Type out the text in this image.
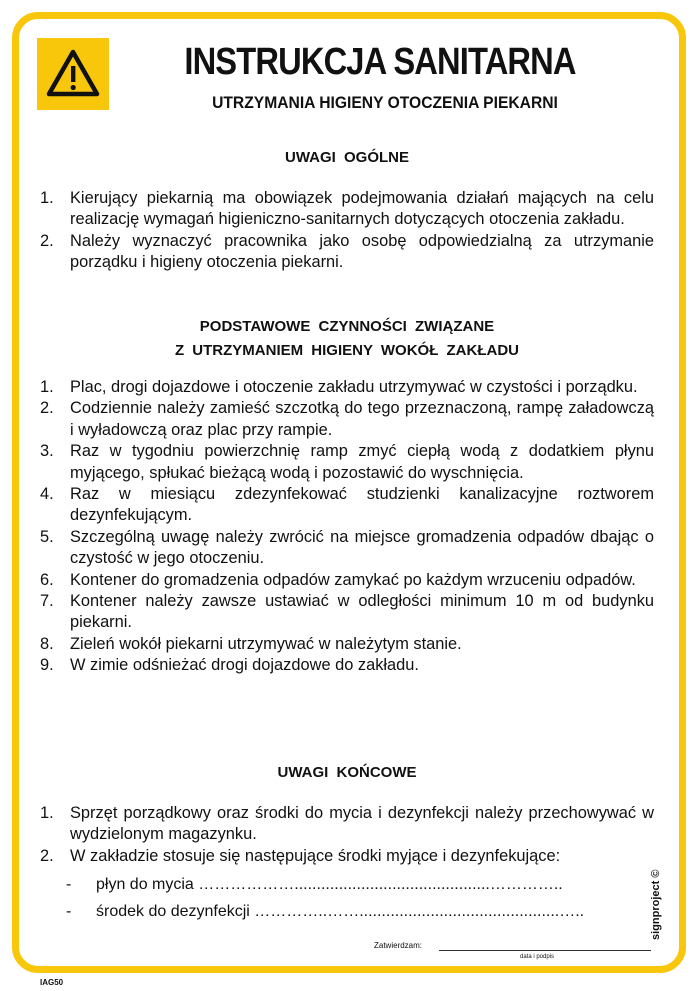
INSTRUKCJA SANITARNA
UTRZYMANIA HIGIENY OTOCZENIA PIEKARNI
UWAGI OGÓLNE
1. Kierujący piekarnią ma obowiązek podejmowania działań mających na celu realizację wymagań higieniczno-sanitarnych dotyczących otoczenia zakładu.
2. Należy wyznaczyć pracownika jako osobę odpowiedzialną za utrzymanie porządku i higieny otoczenia piekarni.
PODSTAWOWE CZYNNOŚCI ZWIĄZANE
Z UTRZYMANIEM HIGIENY WOKÓŁ ZAKŁADU
1. Plac, drogi dojazdowe i otoczenie zakładu utrzymywać w czystości i porządku.
2. Codziennie należy zamieść szczotką do tego przeznaczoną, rampę załadowczą i wyładowczą oraz plac przy rampie.
3. Raz w tygodniu powierzchnię ramp zmyć ciepłą wodą z dodatkiem płynu myjącego, spłukać bieżącą wodą i pozostawić do wyschnięcia.
4. Raz w miesiącu zdezynfekować studzienki kanalizacyjne roztworem dezynfekującym.
5. Szczególną uwagę należy zwrócić na miejsce gromadzenia odpadów dbając o czystość w jego otoczeniu.
6. Kontener do gromadzenia odpadów zamykać po każdym wrzuceniu odpadów.
7. Kontener należy zawsze ustawiać w odległości minimum 10 m od budynku piekarni.
8. Zieleń wokół piekarni utrzymywać w należytym stanie.
9. W zimie odśnieżać drogi dojazdowe do zakładu.
UWAGI KOŃCOWE
1. Sprzęt porządkowy oraz środki do mycia i dezynfekcji należy przechowywać w wydzielonym magazynku.
2. W zakładzie stosuje się następujące środki myjące i dezynfekujące:
- płyn do mycia ………………............................................…………..
- środek do dezynfekcji …………..…….............................................…..
Zatwierdzam:
data i podpis
IAG50
signproject ©
